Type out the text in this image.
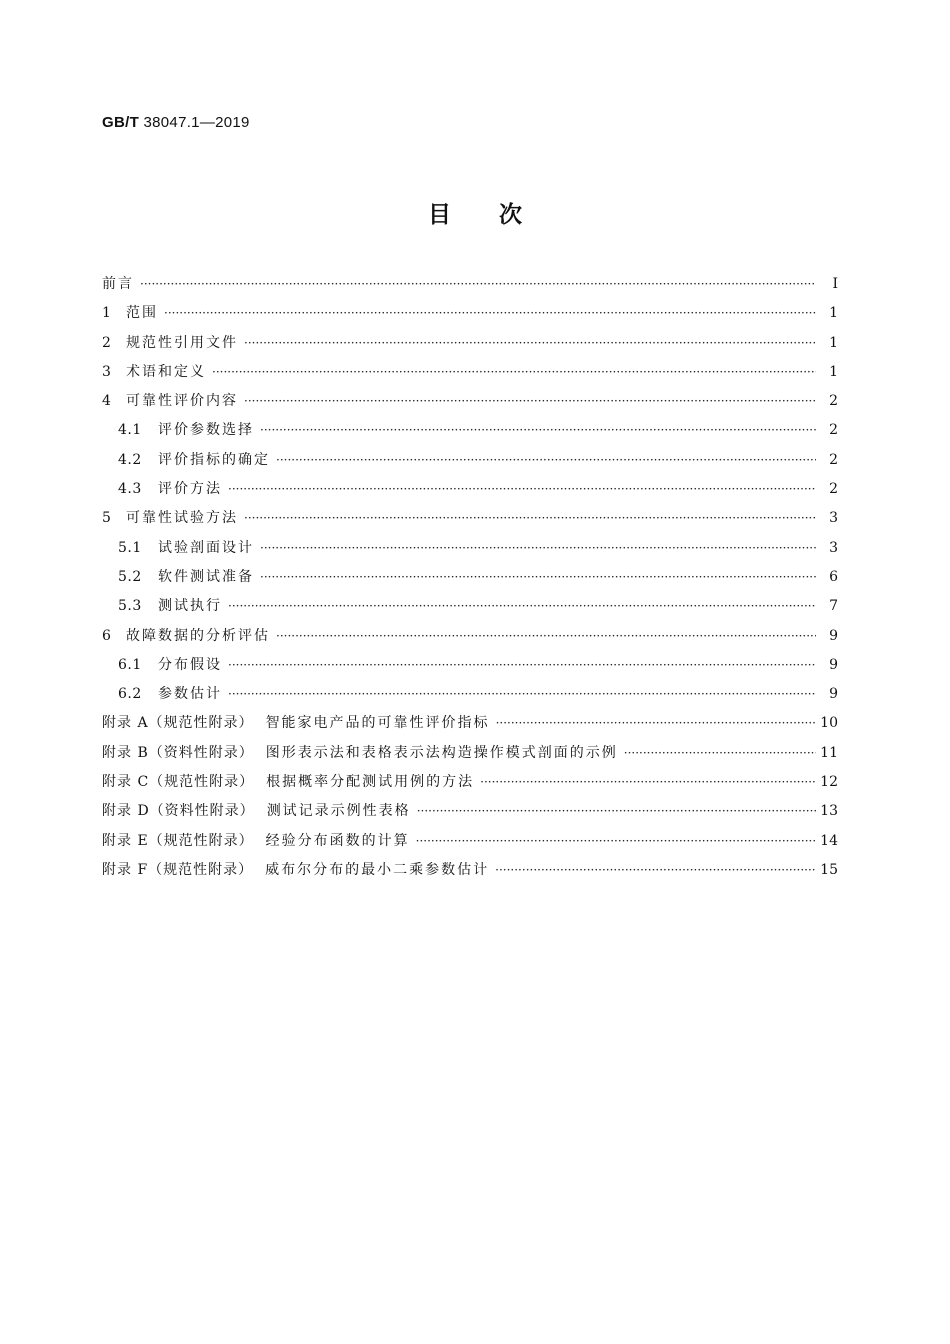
GB/T 38047.1—2019
目次
前言 ·····	Ⅰ
1	范围 ·····	1
2	规范性引用文件 ·····	1
3	术语和定义 ·····	1
4	可靠性评价内容 ·····	2
4.1	评价参数选择 ·····	2
4.2	评价指标的确定 ·····	2
4.3	评价方法 ·····	2
5	可靠性试验方法 ·····	3
5.1	试验剖面设计 ·····	3
5.2	软件测试准备 ·····	6
5.3	测试执行 ·····	7
6	故障数据的分析评估 ·····	9
6.1	分布假设 ·····	9
6.2	参数估计 ·····	9
附录 A（规范性附录） 智能家电产品的可靠性评价指标 ·····	10
附录 B（资料性附录） 图形表示法和表格表示法构造操作模式剖面的示例 ·····	11
附录 C（规范性附录） 根据概率分配测试用例的方法 ·····	12
附录 D（资料性附录） 测试记录示例性表格 ·····	13
附录 E（规范性附录） 经验分布函数的计算 ·····	14
附录 F（规范性附录） 威布尔分布的最小二乘参数估计 ·····	15
